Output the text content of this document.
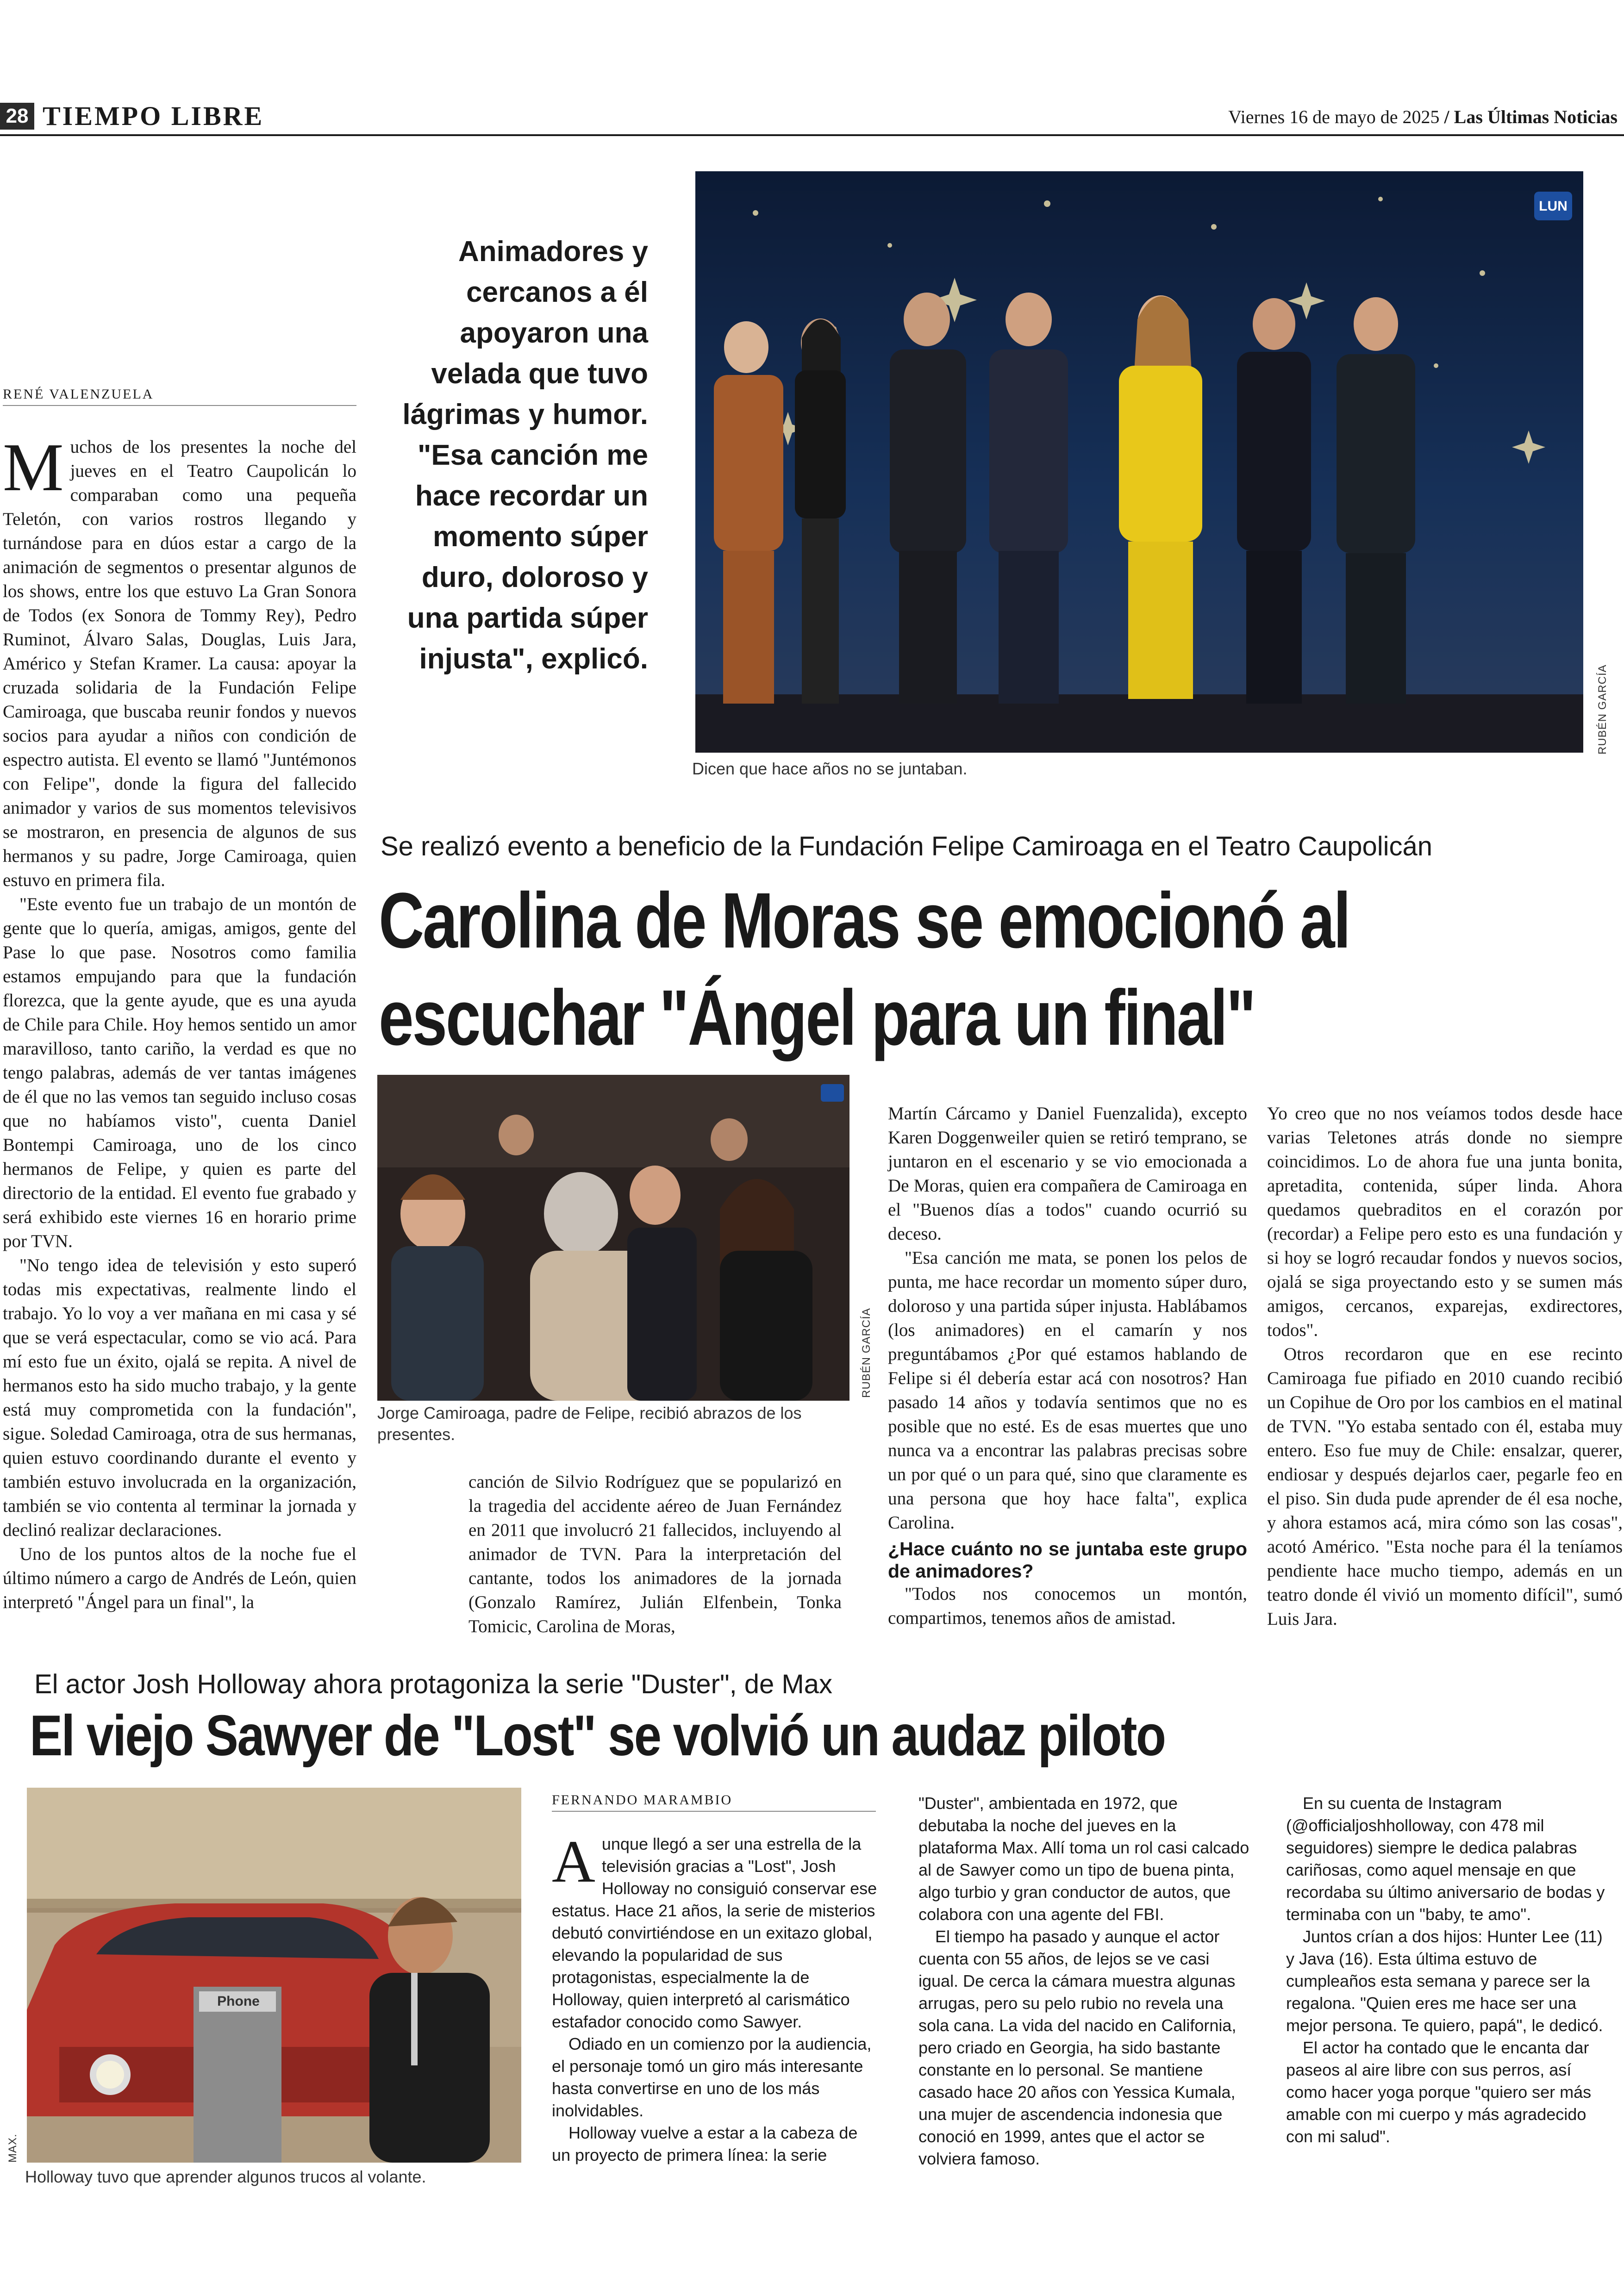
28 TIEMPO LIBRE	Viernes 16 de mayo de 2025 / Las Últimas Noticias
RENÉ VALENZUELA

Muchos de los presentes la noche del jueves en el Teatro Caupolicán lo comparaban como una pequeña Teletón, con varios rostros llegando y turnándose para en dúos estar a cargo de la animación de segmentos o presentar algunos de los shows, entre los que estuvo La Gran Sonora de Todos (ex Sonora de Tommy Rey), Pedro Ruminot, Álvaro Salas, Douglas, Luis Jara, Américo y Stefan Kramer. La causa: apoyar la cruzada solidaria de la Fundación Felipe Camiroaga, que buscaba reunir fondos y nuevos socios para ayudar a niños con condición de espectro autista. El evento se llamó "Juntémonos con Felipe", donde la figura del fallecido animador y varios de sus momentos televisivos se mostraron, en presencia de algunos de sus hermanos y su padre, Jorge Camiroaga, quien estuvo en primera fila.

"Este evento fue un trabajo de un montón de gente que lo quería, amigas, amigos, gente del Pase lo que pase. Nosotros como familia estamos empujando para que la fundación florezca, que la gente ayude, que es una ayuda de Chile para Chile. Hoy hemos sentido un amor maravilloso, tanto cariño, la verdad es que no tengo palabras, además de ver tantas imágenes de él que no las vemos tan seguido incluso cosas que no habíamos visto", cuenta Daniel Bontempi Camiroaga, uno de los cinco hermanos de Felipe, y quien es parte del directorio de la entidad. El evento fue grabado y será exhibido este viernes 16 en horario prime por TVN.

"No tengo idea de televisión y esto superó todas mis expectativas, realmente lindo el trabajo. Yo lo voy a ver mañana en mi casa y sé que se verá espectacular, como se vio acá. Para mí esto fue un éxito, ojalá se repita. A nivel de hermanos esto ha sido mucho trabajo, y la gente está muy comprometida con la fundación", sigue. Soledad Camiroaga, otra de sus hermanas, quien estuvo coordinando durante el evento y también estuvo involucrada en la organización, también se vio contenta al terminar la jornada y declinó realizar declaraciones.

Uno de los puntos altos de la noche fue el último número a cargo de Andrés de León, quien interpretó "Ángel para un final", la

Animadores y cercanos a él apoyaron una velada que tuvo lágrimas y humor. "Esa canción me hace recordar un momento súper duro, doloroso y una partida súper injusta", explicó.
LUN
RUBÉN GARCÍA
Dicen que hace años no se juntaban.
Se realizó evento a beneficio de la Fundación Felipe Camiroaga en el Teatro Caupolicán
Carolina de Moras se emocionó al
escuchar "Ángel para un final"
RUBÉN GARCÍA
Jorge Camiroaga, padre de Felipe, recibió abrazos de los presentes.

canción de Silvio Rodríguez que se popularizó en la tragedia del accidente aéreo de Juan Fernández en 2011 que involucró 21 fallecidos, incluyendo al animador de TVN. Para la interpretación del cantante, todos los animadores de la jornada (Gonzalo Ramírez, Julián Elfenbein, Tonka Tomicic, Carolina de Moras,

Martín Cárcamo y Daniel Fuenzalida), excepto Karen Doggenweiler quien se retiró temprano, se juntaron en el escenario y se vio emocionada a De Moras, quien era compañera de Camiroaga en el "Buenos días a todos" cuando ocurrió su deceso.

"Esa canción me mata, se ponen los pelos de punta, me hace recordar un momento súper duro, doloroso y una partida súper injusta. Hablábamos (los animadores) en el camarín y nos preguntábamos ¿Por qué estamos hablando de Felipe si él debería estar acá con nosotros? Han pasado 14 años y todavía sentimos que no es posible que no esté. Es de esas muertes que uno nunca va a encontrar las palabras precisas sobre un por qué o un para qué, sino que claramente es una persona que hoy hace falta", explica Carolina.

¿Hace cuánto no se juntaba este grupo de animadores?

"Todos nos conocemos un montón, compartimos, tenemos años de amistad.

Yo creo que no nos veíamos todos desde hace varias Teletones atrás donde no siempre coincidimos. Lo de ahora fue una junta bonita, apretadita, contenida, súper linda. Ahora quedamos quebraditos en el corazón por (recordar) a Felipe pero esto es una fundación y si hoy se logró recaudar fondos y nuevos socios, ojalá se siga proyectando esto y se sumen más amigos, cercanos, exparejas, exdirectores, todos".

Otros recordaron que en ese recinto Camiroaga fue pifiado en 2010 cuando recibió un Copihue de Oro por los cambios en el matinal de TVN. "Yo estaba sentado con él, estaba muy entero. Eso fue muy de Chile: ensalzar, querer, endiosar y después dejarlos caer, pegarle feo en el piso. Sin duda pude aprender de él esa noche, y ahora estamos acá, mira cómo son las cosas", acotó Américo. "Esta noche para él la teníamos pendiente hace mucho tiempo, además en un teatro donde él vivió un momento difícil", sumó Luis Jara.

El actor Josh Holloway ahora protagoniza la serie "Duster", de Max
El viejo Sawyer de "Lost" se volvió un audaz piloto
Phone
MAX.
Holloway tuvo que aprender algunos trucos al volante.
FERNANDO MARAMBIO

Aunque llegó a ser una estrella de la televisión gracias a "Lost", Josh Holloway no consiguió conservar ese estatus. Hace 21 años, la serie de misterios debutó convirtiéndose en un exitazo global, elevando la popularidad de sus protagonistas, especialmente la de Holloway, quien interpretó al carismático estafador conocido como Sawyer.

Odiado en un comienzo por la audiencia, el personaje tomó un giro más interesante hasta convertirse en uno de los más inolvidables.

Holloway vuelve a estar a la cabeza de un proyecto de primera línea: la serie

"Duster", ambientada en 1972, que debutaba la noche del jueves en la plataforma Max. Allí toma un rol casi calcado al de Sawyer como un tipo de buena pinta, algo turbio y gran conductor de autos, que colabora con una agente del FBI.

El tiempo ha pasado y aunque el actor cuenta con 55 años, de lejos se ve casi igual. De cerca la cámara muestra algunas arrugas, pero su pelo rubio no revela una sola cana. La vida del nacido en California, pero criado en Georgia, ha sido bastante constante en lo personal. Se mantiene casado hace 20 años con Yessica Kumala, una mujer de ascendencia indonesia que conoció en 1999, antes que el actor se volviera famoso.

En su cuenta de Instagram (@officialjoshholloway, con 478 mil seguidores) siempre le dedica palabras cariñosas, como aquel mensaje en que recordaba su último aniversario de bodas y terminaba con un "baby, te amo".

Juntos crían a dos hijos: Hunter Lee (11) y Java (16). Esta última estuvo de cumpleaños esta semana y parece ser la regalona. "Quien eres me hace ser una mejor persona. Te quiero, papá", le dedicó.

El actor ha contado que le encanta dar paseos al aire libre con sus perros, así como hacer yoga porque "quiero ser más amable con mi cuerpo y más agradecido con mi salud".
